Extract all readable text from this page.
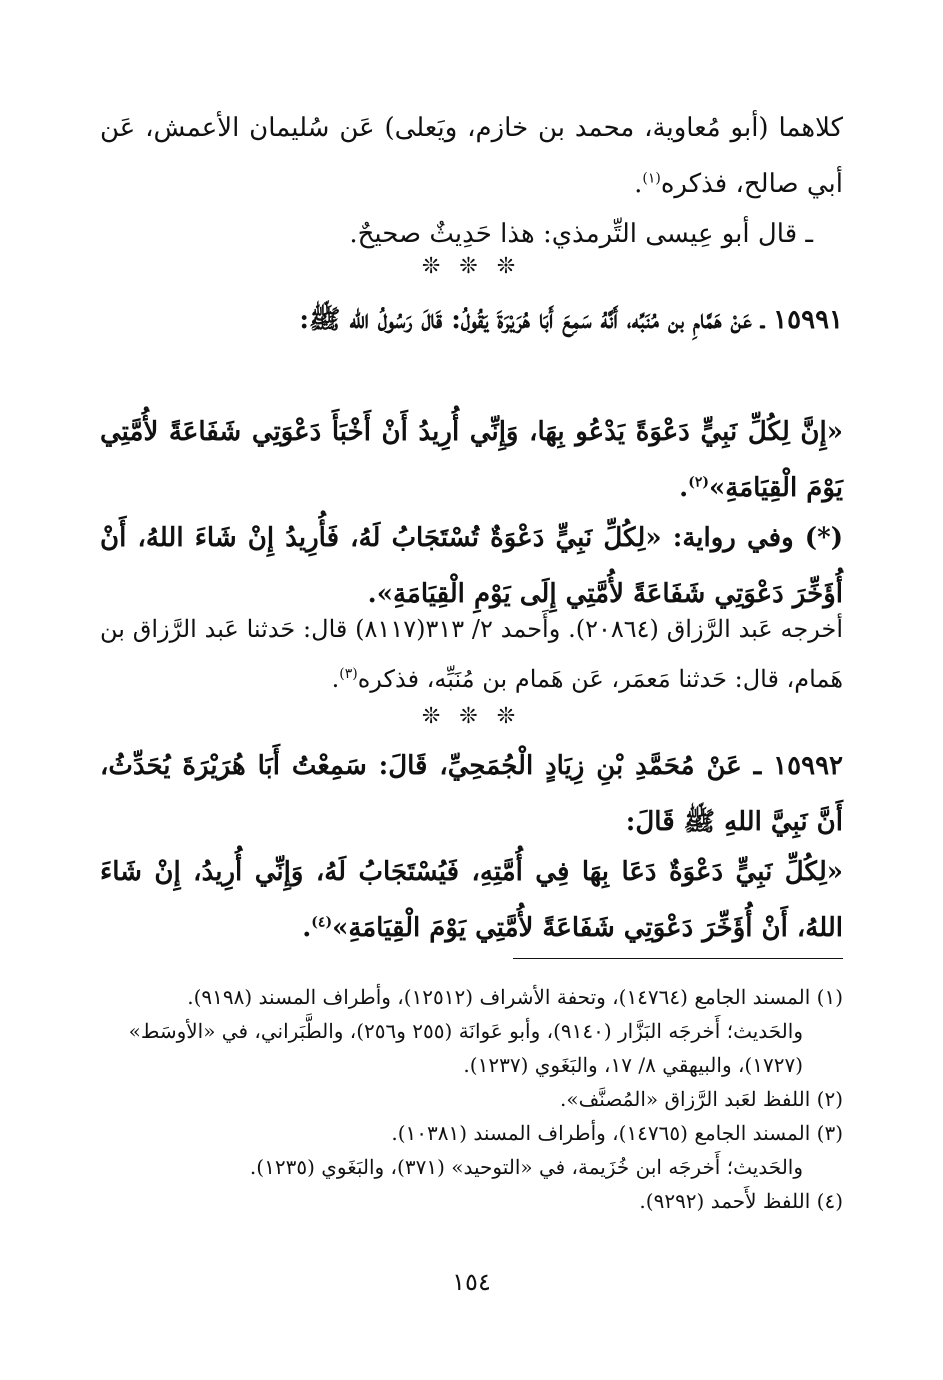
كلاهما (أبو مُعاوية، محمد بن خازم، ويَعلى) عَن سُليمان الأعمش، عَن أبي صالح، فذكره$^{(١)}$.
ـ قال أبو عِيسى التِّرمذي: هذا حَدِيثٌ صحيحٌ.
❊ ❊ ❊
١٥٩٩١ ـ عَنْ هَمَّامِ بن مُنَبِّه، أَنَّهُ سَمِعَ أَبَا هُرَيْرَةَ يَقُولُ: قَالَ رَسُولُ الله ﷺ:
«إِنَّ لِكُلِّ نَبِيٍّ دَعْوَةً يَدْعُو بِهَا، وَإِنِّي أُرِيدُ أَنْ أَخْبَأَ دَعْوَتِي شَفَاعَةً لأُمَّتِي يَوْمَ الْقِيَامَةِ»$^{(٢)}$.
(*) وفي رواية: «لِكُلِّ نَبِيٍّ دَعْوَةٌ تُسْتَجَابُ لَهُ، فَأُرِيدُ إِنْ شَاءَ اللهُ، أَنْ أُؤَخِّرَ دَعْوَتِي شَفَاعَةً لأُمَّتِي إِلَى يَوْمِ الْقِيَامَةِ».
أخرجه عَبد الرَّزاق (٢٠٨٦٤). وأَحمد ٢/ ٣١٣(٨١١٧) قال: حَدثنا عَبد الرَّزاق بن هَمام، قال: حَدثنا مَعمَر، عَن هَمام بن مُنَبِّه، فذكره$^{(٣)}$.
❊ ❊ ❊
١٥٩٩٢ ـ عَنْ مُحَمَّدِ بْنِ زِيَادٍ الْجُمَحِيِّ، قَالَ: سَمِعْتُ أَبَا هُرَيْرَةَ يُحَدِّثُ، أَنَّ نَبِيَّ اللهِ ﷺ قَالَ:
«لِكُلِّ نَبِيٍّ دَعْوَةٌ دَعَا بِهَا فِي أُمَّتِهِ، فَيُسْتَجَابُ لَهُ، وَإِنِّي أُرِيدُ، إِنْ شَاءَ اللهُ، أَنْ أُؤَخِّرَ دَعْوَتِي شَفَاعَةً لأُمَّتِي يَوْمَ الْقِيَامَةِ»$^{(٤)}$.
(١) المسند الجامع (١٤٧٦٤)، وتحفة الأشراف (١٢٥١٢)، وأطراف المسند (٩١٩٨).
والحَديث؛ أَخرجَه البَزَّار (٩١٤٠)، وأبو عَوانَة (٢٥٥ و٢٥٦)، والطَّبَراني، في «الأوسَط» (١٧٢٧)، والبيهقي ٨/ ١٧، والبَغَوي (١٢٣٧).
(٢) اللفظ لعَبد الرَّزاق «المُصنَّف».
(٣) المسند الجامع (١٤٧٦٥)، وأطراف المسند (١٠٣٨١).
والحَديث؛ أَخرجَه ابن خُزَيمة، في «التوحيد» (٣٧١)، والبَغَوي (١٢٣٥).
(٤) اللفظ لأَحمد (٩٢٩٢).
١٥٤
